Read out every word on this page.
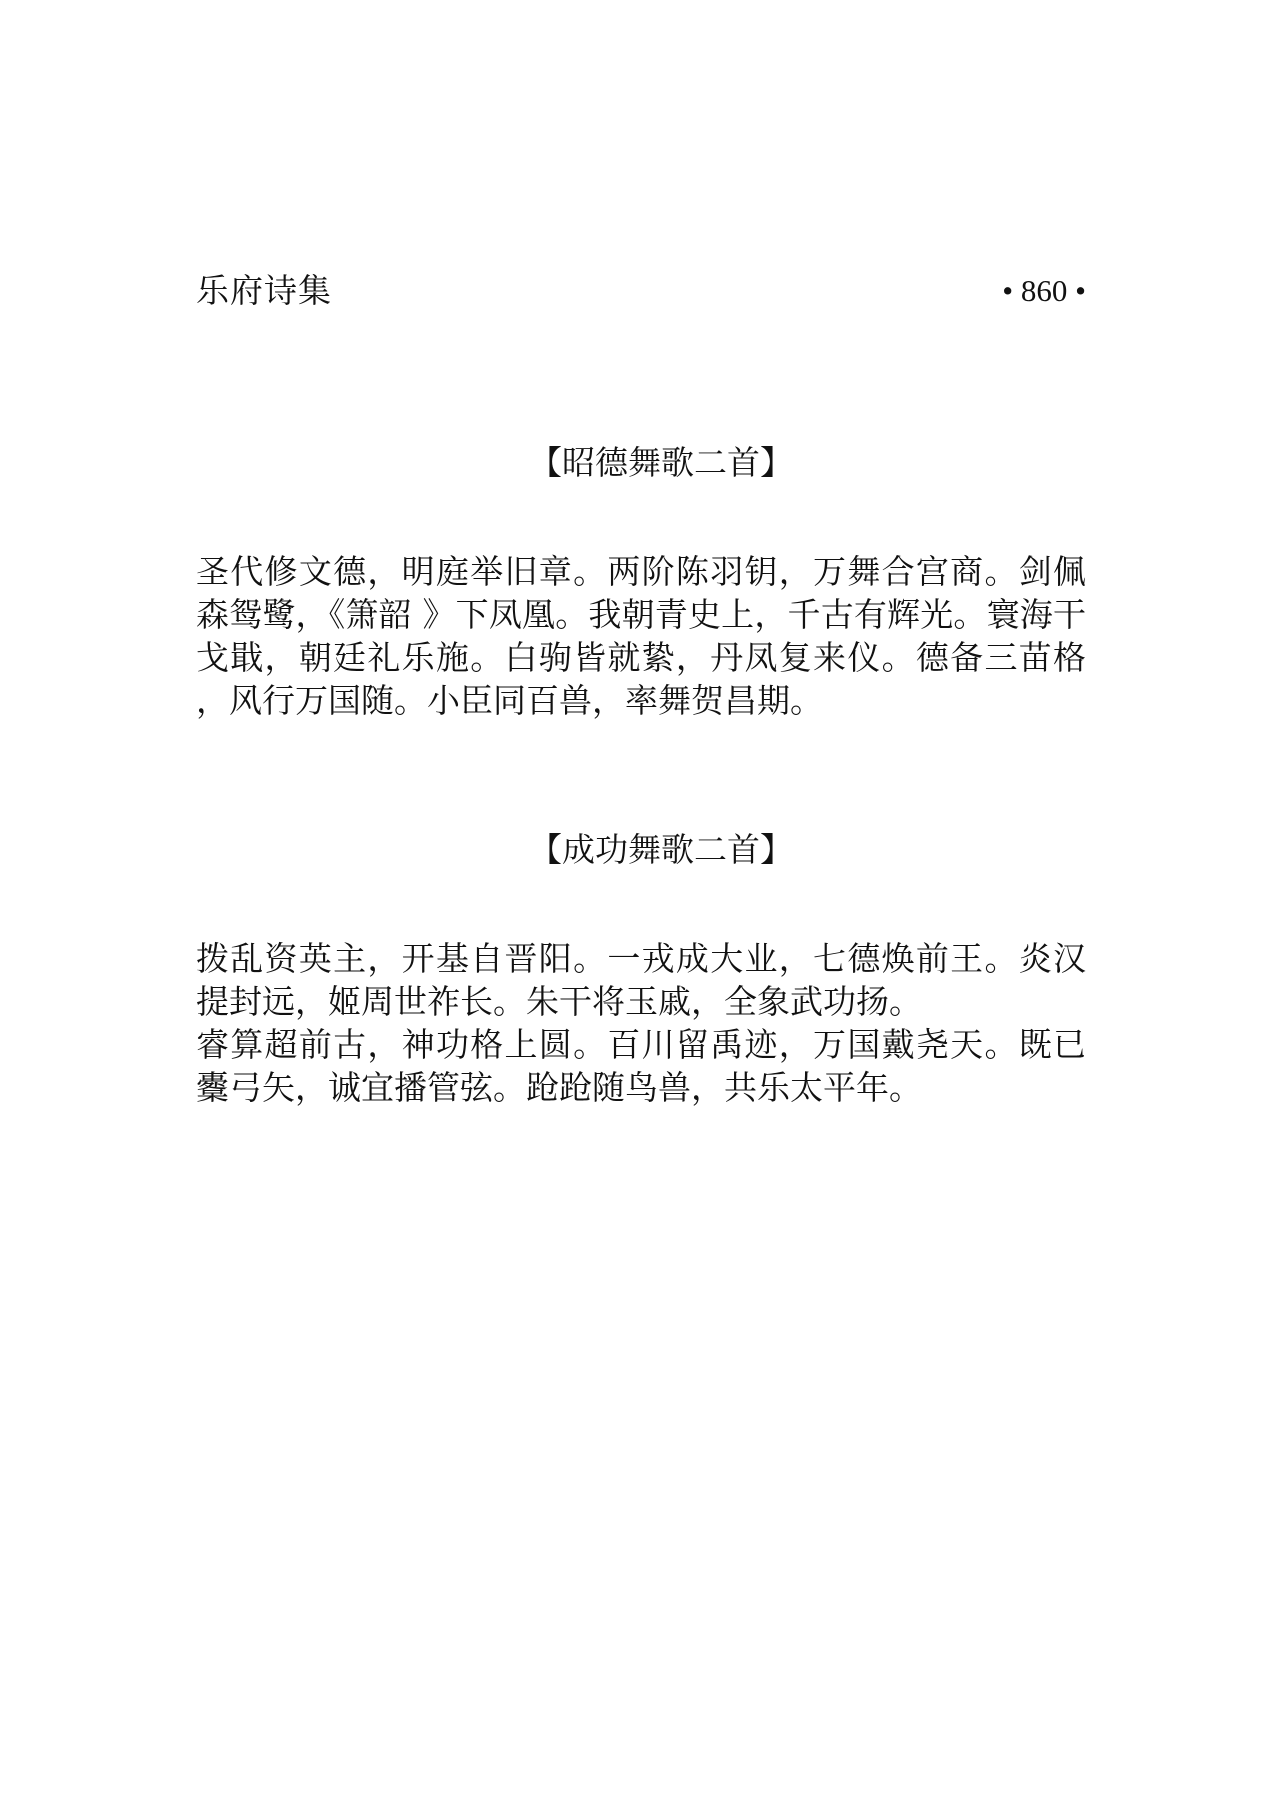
乐府诗集	• 860 •
【昭德舞歌二首】

圣代修文德，明庭举旧章。两阶陈羽钥，万舞合宫商。剑佩森鸳鹭，《箫韶 》下凤凰。我朝青史上，千古有辉光。寰海干戈戢，朝廷礼乐施。白驹皆就絷，丹凤复来仪。德备三苗格，风行万国随。小臣同百兽，率舞贺昌期。

【成功舞歌二首】

拨乱资英主，开基自晋阳。一戎成大业，七德焕前王。炎汉提封远，姬周世祚长。朱干将玉戚，全象武功扬。

睿算超前古，神功格上圆。百川留禹迹，万国戴尧天。既已櫜弓矢，诚宜播管弦。跄跄随鸟兽，共乐太平年。
